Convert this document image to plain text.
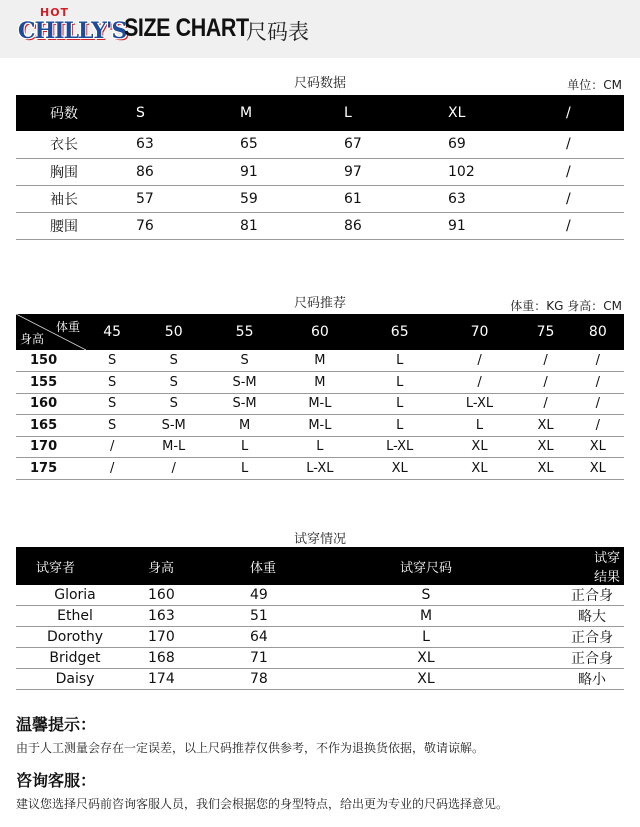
HOT
CHILLY'S
SIZE CHART
尺码表
尺码数据	单位：CM
码数	S	M	L	XL	/
衣长	63	65	67	69	/
胸围	86	91	97	102	/
袖长	57	59	61	63	/
腰围	76	81	86	91	/
尺码推荐	体重：KG 身高：CM
体重
身高	45	50	55	60	65	70	75	80
150	S	S	S	M	L	/	/	/
155	S	S	S-M	M	L	/	/	/
160	S	S	S-M	M-L	L	L-XL	/	/
165	S	S-M	M	M-L	L	L	XL	/
170	/	M-L	L	L	L-XL	XL	XL	XL
175	/	/	L	L-XL	XL	XL	XL	XL
试穿情况
试穿者	身高	体重	试穿尺码	试穿结果
Gloria	160	49	S	正合身
Ethel	163	51	M	略大
Dorothy	170	64	L	正合身
Bridget	168	71	XL	正合身
Daisy	174	78	XL	略小
温馨提示：
由于人工测量会存在一定误差，以上尺码推荐仅供参考，不作为退换货依据，敬请谅解。
咨询客服：
建议您选择尺码前咨询客服人员，我们会根据您的身型特点，给出更为专业的尺码选择意见。
